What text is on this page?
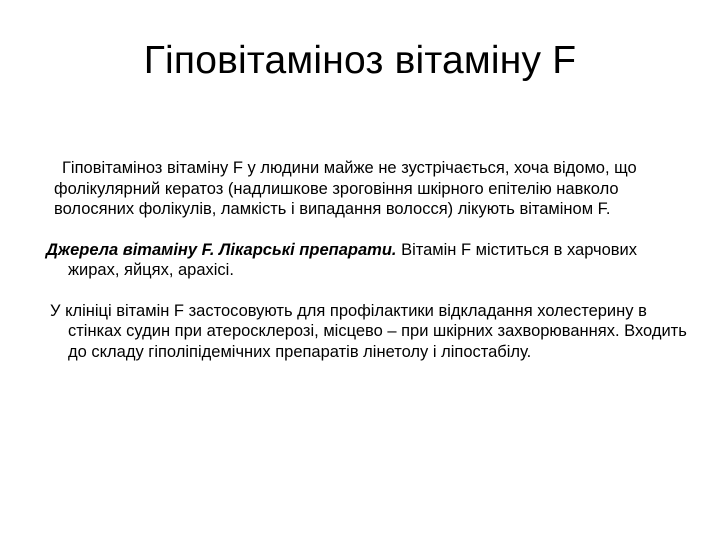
Гіповітаміноз вітаміну F

Гіповітаміноз вітаміну F у людини майже не зустрічається, хоча відомо, що фолікулярний кератоз (надлишкове зроговіння шкірного епітелію навколо волосяних фолікулів, ламкість і випадання волосся) лікують вітаміном F.

Джерела вітаміну F. Лікарські препарати. Вітамін F міститься в харчових жирах, яйцях, арахісі.

У клініці вітамін F застосовують для профілактики відкладання холестерину в стінках судин при атеросклерозі, місцево – при шкірних захворюваннях. Входить до складу гіполіпідемічних препаратів лінетолу і ліпостабілу.
